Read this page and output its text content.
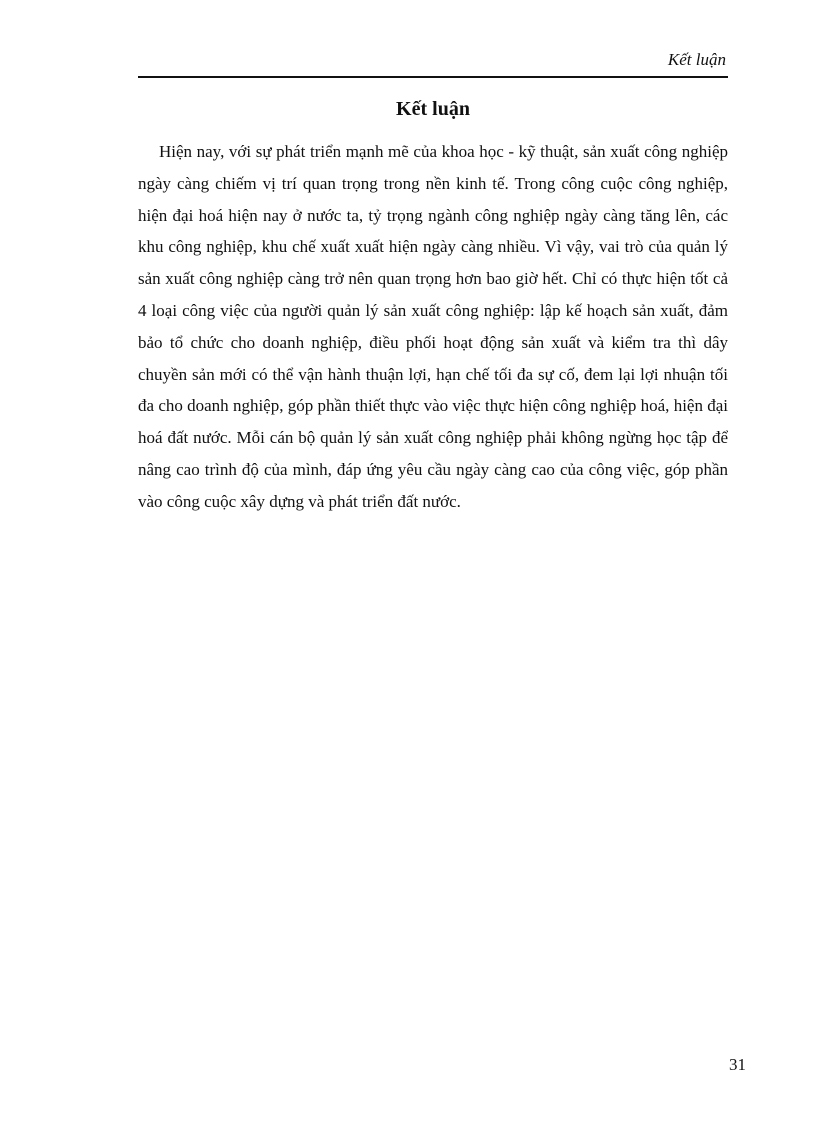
Kết luận
Kết luận

Hiện nay, với sự phát triển mạnh mẽ của khoa học - kỹ thuật, sản xuất công nghiệp ngày càng chiếm vị trí quan trọng trong nền kinh tế. Trong công cuộc công nghiệp, hiện đại hoá hiện nay ở nước ta, tỷ trọng ngành công nghiệp ngày càng tăng lên, các khu công nghiệp, khu chế xuất xuất hiện ngày càng nhiều. Vì vậy, vai trò của quản lý sản xuất công nghiệp càng trở nên quan trọng hơn bao giờ hết. Chỉ có thực hiện tốt cả 4 loại công việc của người quản lý sản xuất công nghiệp: lập kế hoạch sản xuất, đảm bảo tổ chức cho doanh nghiệp, điều phối hoạt động sản xuất và kiểm tra thì dây chuyền sản mới có thể vận hành thuận lợi, hạn chế tối đa sự cố, đem lại lợi nhuận tối đa cho doanh nghiệp, góp phần thiết thực vào việc thực hiện công nghiệp hoá, hiện đại hoá đất nước. Mỗi cán bộ quản lý sản xuất công nghiệp phải không ngừng học tập để nâng cao trình độ của mình, đáp ứng yêu cầu ngày càng cao của công việc, góp phần vào công cuộc xây dựng và phát triển đất nước.

31
